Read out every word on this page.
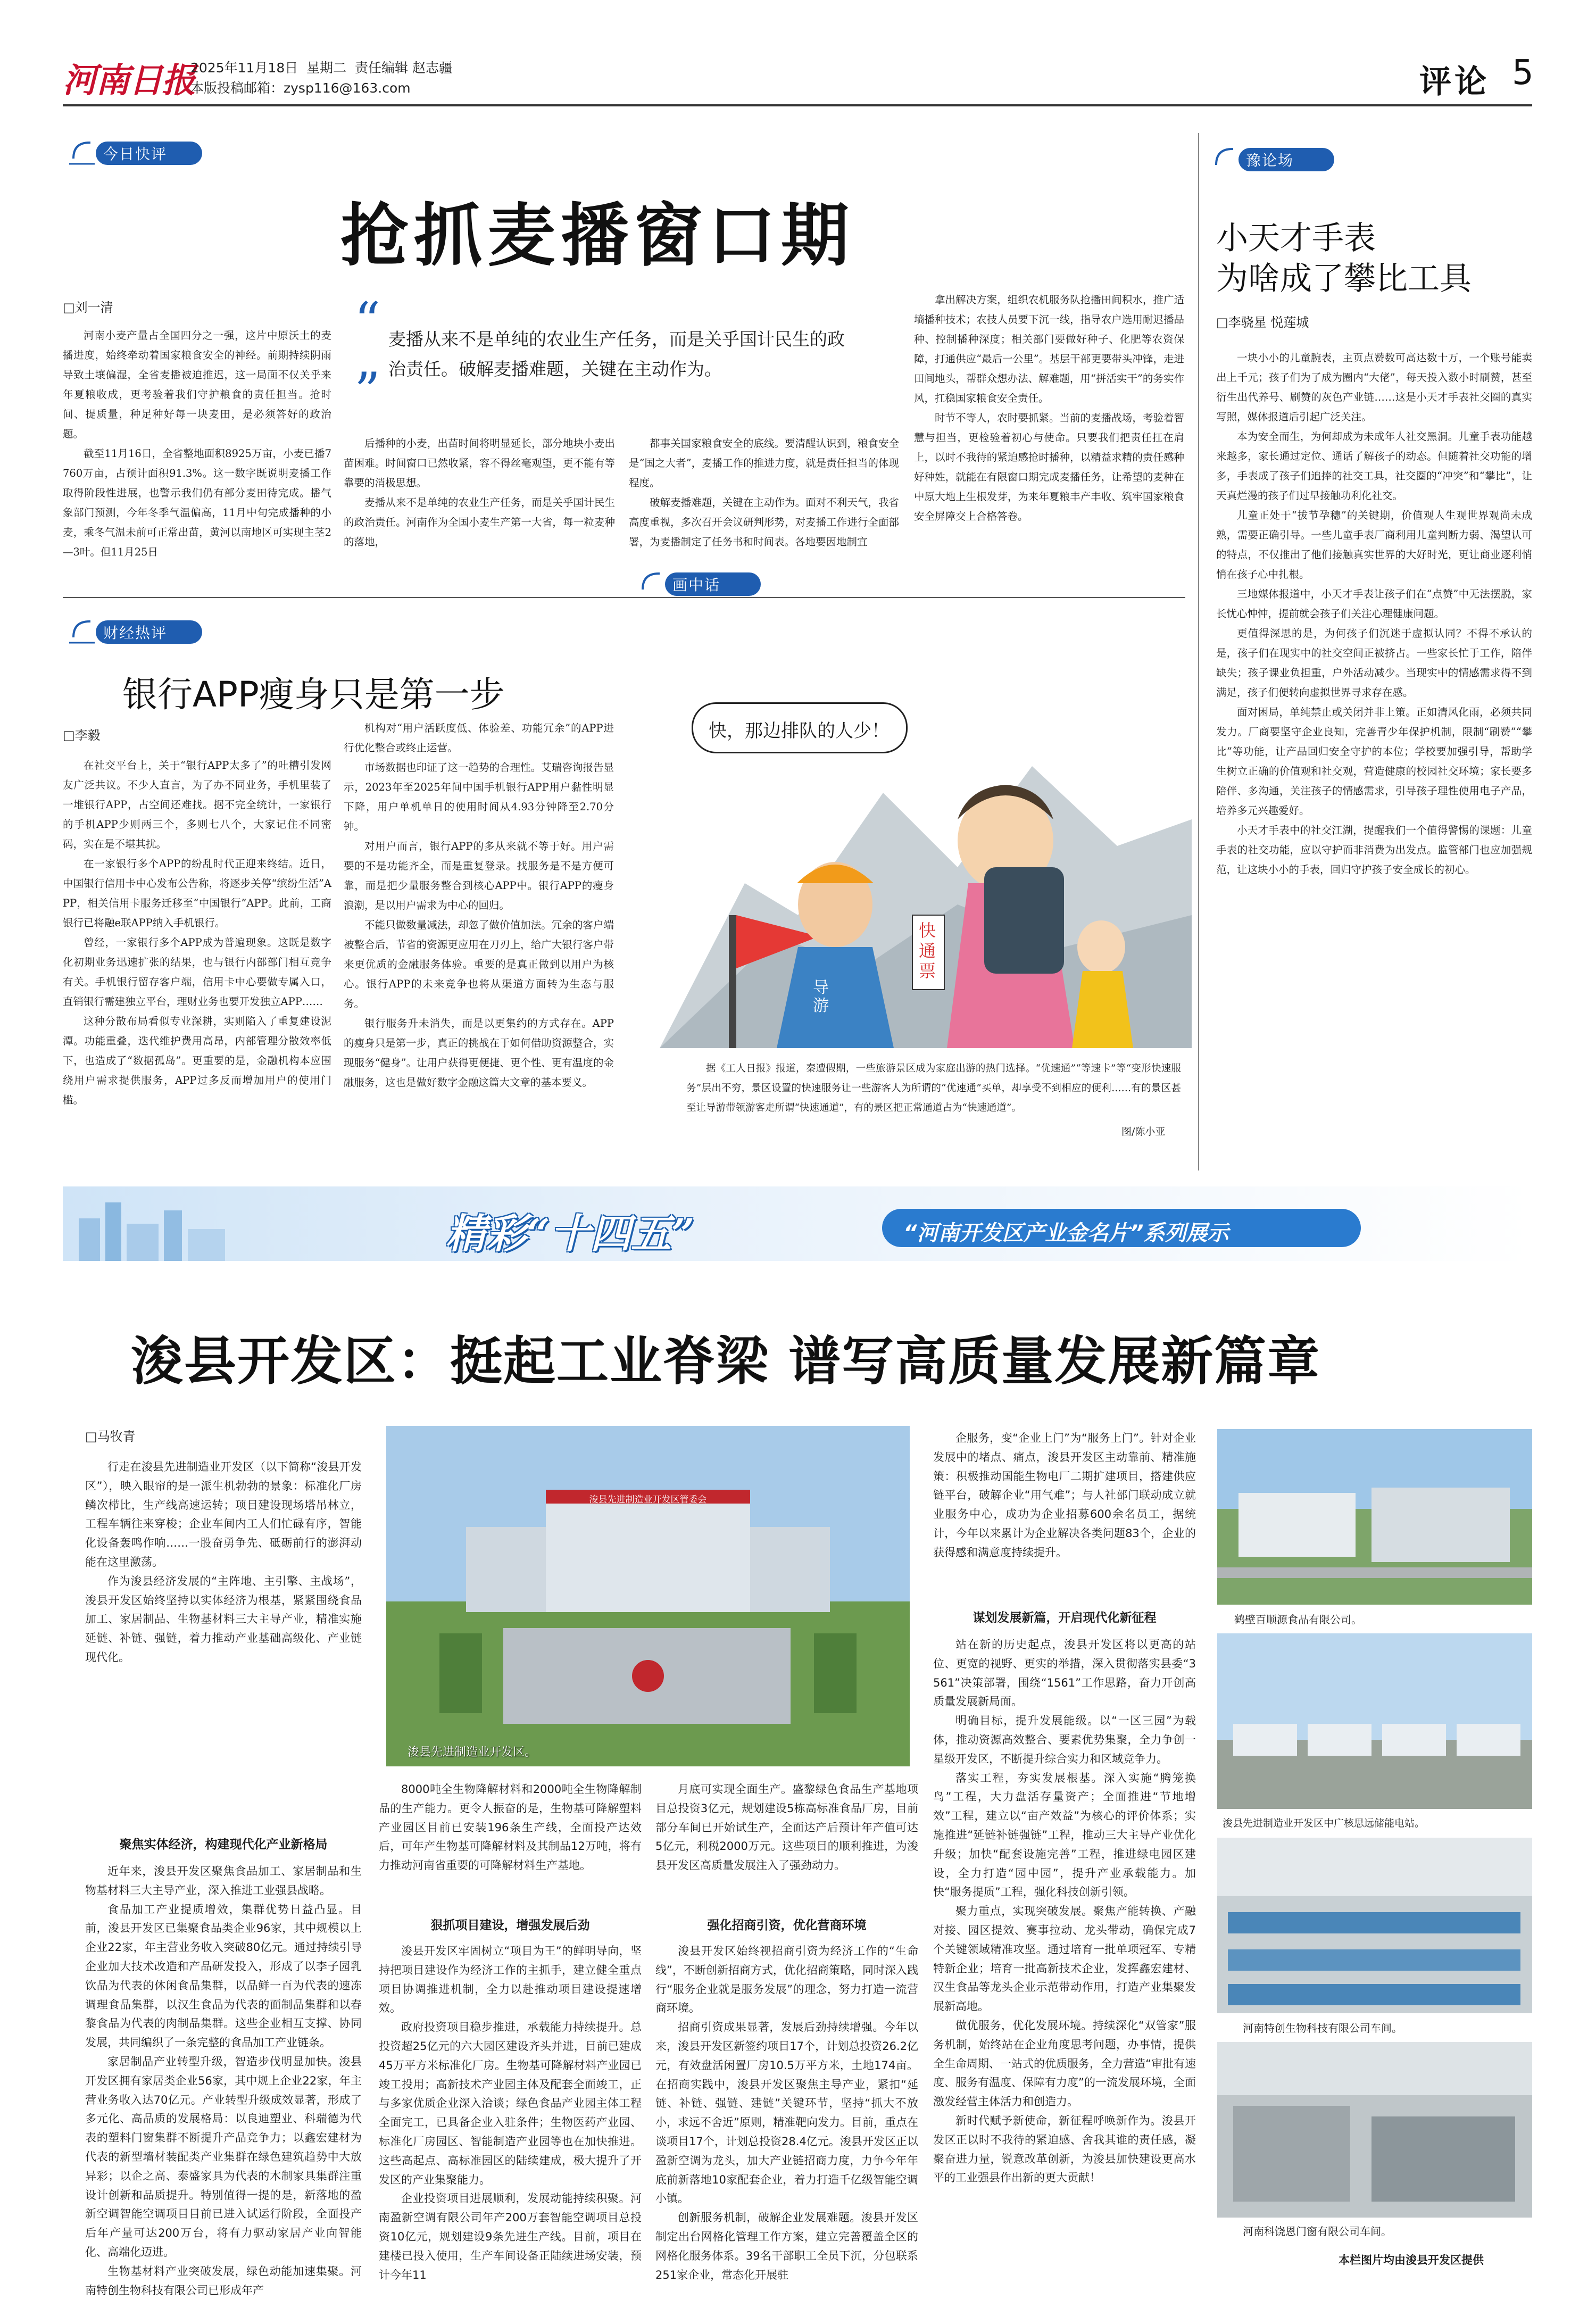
河南日报
2025年11月18日  星期二  责任编辑 赵志疆
本版投稿邮箱：zysp116@163.com	评论 5
今日快评
抢抓麦播窗口期
□刘一清	“
”
麦播从来不是单纯的农业生产任务，而是关乎国计民生的政治责任。破解麦播难题，关键在主动作为。

河南小麦产量占全国四分之一强，这片中原沃土的麦播进度，始终牵动着国家粮食安全的神经。前期持续阴雨导致土壤偏湿，全省麦播被迫推迟，这一局面不仅关乎来年夏粮收成，更考验着我们守护粮食的责任担当。抢时间、提质量，种足种好每一块麦田，是必须答好的政治题。

截至11月16日，全省整地面积8925万亩，小麦已播7760万亩，占预计面积91.3%。这一数字既说明麦播工作取得阶段性进展，也警示我们仍有部分麦田待完成。播气象部门预测，今年冬季气温偏高，11月中旬完成播种的小麦，乘冬气温未前可正常出苗，黄河以南地区可实现主茎2—3叶。但11月25日

后播种的小麦，出苗时间将明显延长，部分地块小麦出苗困难。时间窗口已然收紧，容不得丝毫观望，更不能有等靠要的消极思想。

麦播从来不是单纯的农业生产任务，而是关乎国计民生的政治责任。河南作为全国小麦生产第一大省，每一粒麦种的落地，

都事关国家粮食安全的底线。要清醒认识到，粮食安全是“国之大者”，麦播工作的推进力度，就是责任担当的体现程度。

破解麦播难题，关键在主动作为。面对不利天气，我省高度重视，多次召开会议研判形势，对麦播工作进行全面部署，为麦播制定了任务书和时间表。各地要因地制宜

拿出解决方案，组织农机服务队抢播田间积水，推广适墒播种技术；农技人员要下沉一线，指导农户选用耐迟播品种、控制播种深度；相关部门要做好种子、化肥等农资保障，打通供应“最后一公里”。基层干部更要带头冲锋，走进田间地头，帮群众想办法、解难题，用“拼活实干”的务实作风，扛稳国家粮食安全责任。

时节不等人，农时要抓紧。当前的麦播战场，考验着智慧与担当，更检验着初心与使命。只要我们把责任扛在肩上，以时不我待的紧迫感抢时播种，以精益求精的责任感种好种姓，就能在有限窗口期完成麦播任务，让希望的麦种在中原大地上生根发芽，为来年夏粮丰产丰收、筑牢国家粮食安全屏障交上合格答卷。

财经热评
银行APP瘦身只是第一步
□李毅

在社交平台上，关于“银行APP太多了”的吐槽引发网友广泛共议。不少人直言，为了办不同业务，手机里装了一堆银行APP，占空间还难找。据不完全统计，一家银行的手机APP少则两三个，多则七八个，大家记住不同密码，实在是不堪其扰。

在一家银行多个APP的纷乱时代正迎来终结。近日，中国银行信用卡中心发布公告称，将逐步关停“缤纷生活”APP，相关信用卡服务迁移至“中国银行”APP。此前，工商银行已将融e联APP纳入手机银行。

曾经，一家银行多个APP成为普遍现象。这既是数字化初期业务迅速扩张的结果，也与银行内部部门相互竞争有关。手机银行留存客户端，信用卡中心要做专属入口，直销银行需建独立平台，理财业务也要开发独立APP……

这种分散布局看似专业深耕，实则陷入了重复建设泥潭。功能重叠，迭代维护费用高昂，内部管理分散效率低下，也造成了“数据孤岛”。更重要的是，金融机构本应围绕用户需求提供服务，APP过多反而增加用户的使用门槛。

机构对“用户活跃度低、体验差、功能冗余”的APP进行优化整合或终止运营。

市场数据也印证了这一趋势的合理性。艾瑞咨询报告显示，2023年至2025年间中国手机银行APP用户黏性明显下降，用户单机单日的使用时间从4.93分钟降至2.70分钟。

对用户而言，银行APP的多从来就不等于好。用户需要的不是功能齐全，而是重复登录。找服务是不是方便可靠，而是把少量服务整合到核心APP中。银行APP的瘦身浪潮，是以用户需求为中心的回归。

不能只做数量减法，却忽了做价值加法。冗余的客户端被整合后，节省的资源更应用在刀刃上，给广大银行客户带来更优质的金融服务体验。重要的是真正做到以用户为核心。银行APP的未来竞争也将从渠道方面转为生态与服务。

银行服务升未消失，而是以更集约的方式存在。APP的瘦身只是第一步，真正的挑战在于如何借助资源整合，实现服务“健身”。让用户获得更便捷、更个性、更有温度的金融服务，这也是做好数字金融这篇大文章的基本要义。

画中话
快，那边排队的人少！
导游
快通票
据《工人日报》报道，秦遭假期，一些旅游景区成为家庭出游的热门选择。“优速通”“等速卡”等“变形快速服务”层出不穷，景区设置的快速服务让一些游客人为所谓的“优速通”买单，却享受不到相应的便利……有的景区甚至让导游带领游客走所谓“快速通道”，有的景区把正常通道占为“快速通道”。
图/陈小亚
豫论场
小天才手表
为啥成了攀比工具
□李骁星 悦莲城

一块小小的儿童腕表，主页点赞数可高达数十万，一个账号能卖出上千元；孩子们为了成为圈内“大佬”，每天投入数小时刷赞，甚至衍生出代养号、刷赞的灰色产业链……这是小天才手表社交圈的真实写照，媒体报道后引起广泛关注。

本为安全而生，为何却成为未成年人社交黑洞。儿童手表功能越来越多，家长通过定位、通话了解孩子的动态。但随着社交功能的增多，手表成了孩子们追捧的社交工具，社交圈的“冲突”和“攀比”，让天真烂漫的孩子们过早接触功利化社交。

儿童正处于“拔节孕穗”的关键期，价值观人生观世界观尚未成熟，需要正确引导。一些儿童手表厂商利用儿童判断力弱、渴望认可的特点，不仅推出了他们接触真实世界的大好时光，更让商业逐利悄悄在孩子心中扎根。

三地媒体报道中，小天才手表让孩子们在“点赞”中无法摆脱，家长忧心忡忡，提前就会孩子们关注心理健康问题。

更值得深思的是，为何孩子们沉迷于虚拟认同？不得不承认的是，孩子们在现实中的社交空间正被挤占。一些家长忙于工作，陪伴缺失；孩子课业负担重，户外活动减少。当现实中的情感需求得不到满足，孩子们便转向虚拟世界寻求存在感。

面对困局，单纯禁止或关闭并非上策。正如清风化雨，必须共同发力。厂商要坚守企业良知，完善青少年保护机制，限制“刷赞”“攀比”等功能，让产品回归安全守护的本位；学校要加强引导，帮助学生树立正确的价值观和社交观，营造健康的校园社交环境；家长要多陪伴、多沟通，关注孩子的情感需求，引导孩子理性使用电子产品，培养多元兴趣爱好。

小天才手表中的社交江湖，提醒我们一个值得警惕的课题：儿童手表的社交功能，应以守护而非消费为出发点。监管部门也应加强规范，让这块小小的手表，回归守护孩子安全成长的初心。

精彩“十四五”	“河南开发区产业金名片”系列展示
浚县开发区：挺起工业脊梁 谱写高质量发展新篇章
□马牧青

行走在浚县先进制造业开发区（以下简称“浚县开发区”），映入眼帘的是一派生机勃勃的景象：标准化厂房鳞次栉比，生产线高速运转；项目建设现场塔吊林立，工程车辆往来穿梭；企业车间内工人们忙碌有序，智能化设备轰鸣作响……一股奋勇争先、砥砺前行的澎湃动能在这里激荡。

作为浚县经济发展的“主阵地、主引擎、主战场”，浚县开发区始终坚持以实体经济为根基，紧紧围绕食品加工、家居制品、生物基材料三大主导产业，精准实施延链、补链、强链，着力推动产业基础高级化、产业链现代化。

聚焦实体经济，构建现代化产业新格局

近年来，浚县开发区聚焦食品加工、家居制品和生物基材料三大主导产业，深入推进工业强县战略。

食品加工产业提质增效，集群优势日益凸显。目前，浚县开发区已集聚食品类企业96家，其中规模以上企业22家，年主营业务收入突破80亿元。通过持续引导企业加大技术改造和产品研发投入，形成了以李子园乳饮品为代表的休闲食品集群，以品鲜一百为代表的速冻调理食品集群，以汉生食品为代表的面制品集群和以春黎食品为代表的肉制品集群。这些企业相互支撑、协同发展，共同编织了一条完整的食品加工产业链条。

家居制品产业转型升级，智造步伐明显加快。浚县开发区拥有家居类企业56家，其中规上企业22家，年主营业务收入达70亿元。产业转型升级成效显著，形成了多元化、高品质的发展格局：以良迪塑业、科瑞德为代表的塑料门窗集群不断提升产品竞争力；以鑫宏建材为代表的新型墙材装配类产业集群在绿色建筑趋势中大放异彩；以企之高、泰盛家具为代表的木制家具集群注重设计创新和品质提升。特别值得一提的是，新落地的盈新空调智能空调项目目前已进入试运行阶段，全面投产后年产量可达200万台，将有力驱动家居产业向智能化、高端化迈进。

生物基材料产业突破发展，绿色动能加速集聚。河南特创生物科技有限公司已形成年产

浚县先进制造业开发区管委会
浚县先进制造业开发区。
8000吨全生物降解材料和2000吨全生物降解制品的生产能力。更令人振奋的是，生物基可降解塑料产业园区目前已安装196条生产线，全面投产达效后，可年产生物基可降解材料及其制品12万吨，将有力推动河南省重要的可降解材料生产基地。
狠抓项目建设，增强发展后劲

浚县开发区牢固树立“项目为王”的鲜明导向，坚持把项目建设作为经济工作的主抓手，建立健全重点项目协调推进机制，全力以赴推动项目建设提速增效。

政府投资项目稳步推进，承载能力持续提升。总投资超25亿元的六大园区建设齐头并进，目前已建成45万平方米标准化厂房。生物基可降解材料产业园已竣工投用；高新技术产业园主体及配套全面竣工，正与多家优质企业深入洽谈；绿色食品产业园主体工程全面完工，已具备企业入驻条件；生物医药产业园、标准化厂房园区、智能制造产业园等也在加快推进。这些高起点、高标准园区的陆续建成，极大提升了开发区的产业集聚能力。

企业投资项目进展顺利，发展动能持续积聚。河南盈新空调有限公司年产200万套智能空调项目总投资10亿元，规划建设9条先进生产线。目前，项目在建楼已投入使用，生产车间设备正陆续进场安装，预计今年11

月底可实现全面生产。盛黎绿色食品生产基地项目总投资3亿元，规划建设5栋高标准食品厂房，目前部分车间已开始试生产，全面达产后预计年产值可达5亿元，利税2000万元。这些项目的顺利推进，为浚县开发区高质量发展注入了强劲动力。
强化招商引资，优化营商环境

浚县开发区始终视招商引资为经济工作的“生命线”，不断创新招商方式，优化招商策略，同时深入践行“服务企业就是服务发展”的理念，努力打造一流营商环境。

招商引资成果显著，发展后劲持续增强。今年以来，浚县开发区新签约项目17个，计划总投资26.2亿元，有效盘活闲置厂房10.5万平方米，土地174亩。在招商实践中，浚县开发区聚焦主导产业，紧扣“延链、补链、强链、建链”关键环节，坚持“抓大不放小，求远不舍近”原则，精准靶向发力。目前，重点在谈项目17个，计划总投资28.4亿元。浚县开发区正以盈新空调为龙头，加大产业链招商力度，力争今年年底前新落地10家配套企业，着力打造千亿级智能空调小镇。

创新服务机制，破解企业发展难题。浚县开发区制定出台网格化管理工作方案，建立完善覆盖全区的网格化服务体系。39名干部职工全员下沉，分包联系251家企业，常态化开展驻

企服务，变“企业上门”为“服务上门”。针对企业发展中的堵点、痛点，浚县开发区主动靠前、精准施策：积极推动国能生物电厂二期扩建项目，搭建供应链平台，破解企业“用气难”；与人社部门联动成立就业服务中心，成功为企业招募600余名员工，据统计，今年以来累计为企业解决各类问题83个，企业的获得感和满意度持续提升。
谋划发展新篇，开启现代化新征程

站在新的历史起点，浚县开发区将以更高的站位、更宽的视野、更实的举措，深入贯彻落实县委“3561”决策部署，围绕“1561”工作思路，奋力开创高质量发展新局面。

明确目标，提升发展能级。以“一区三园”为载体，推动资源高效整合、要素优势集聚，全力争创一星级开发区，不断提升综合实力和区域竞争力。

落实工程，夯实发展根基。深入实施“腾笼换鸟”工程，大力盘活存量资产；全面推进“节地增效”工程，建立以“亩产效益”为核心的评价体系；实施推进“延链补链强链”工程，推动三大主导产业优化升级；加快“配套设施完善”工程，推进绿电园区建设，全力打造“园中园”，提升产业承载能力。加快“服务提质”工程，强化科技创新引领。

聚力重点，实现突破发展。聚焦产能转换、产融对接、园区提效、赛事拉动、龙头带动，确保完成7个关键领域精准攻坚。通过培育一批单项冠军、专精特新企业；培育一批高新技术企业，发挥鑫宏建材、汉生食品等龙头企业示范带动作用，打造产业集聚发展新高地。

做优服务，优化发展环境。持续深化“双管家”服务机制，始终站在企业角度思考问题，办事情，提供全生命周期、一站式的优质服务，全力营造“审批有速度、服务有温度、保障有力度”的一流发展环境，全面激发经营主体活力和创造力。

新时代赋予新使命，新征程呼唤新作为。浚县开发区正以时不我待的紧迫感、舍我其谁的责任感，凝聚奋进力量，锐意改革创新，为浚县加快建设更高水平的工业强县作出新的更大贡献！

鹤壁百顺源食品有限公司。
浚县先进制造业开发区中广核思远储能电站。
河南特创生物科技有限公司车间。
河南科饶恩门窗有限公司车间。
本栏图片均由浚县开发区提供
